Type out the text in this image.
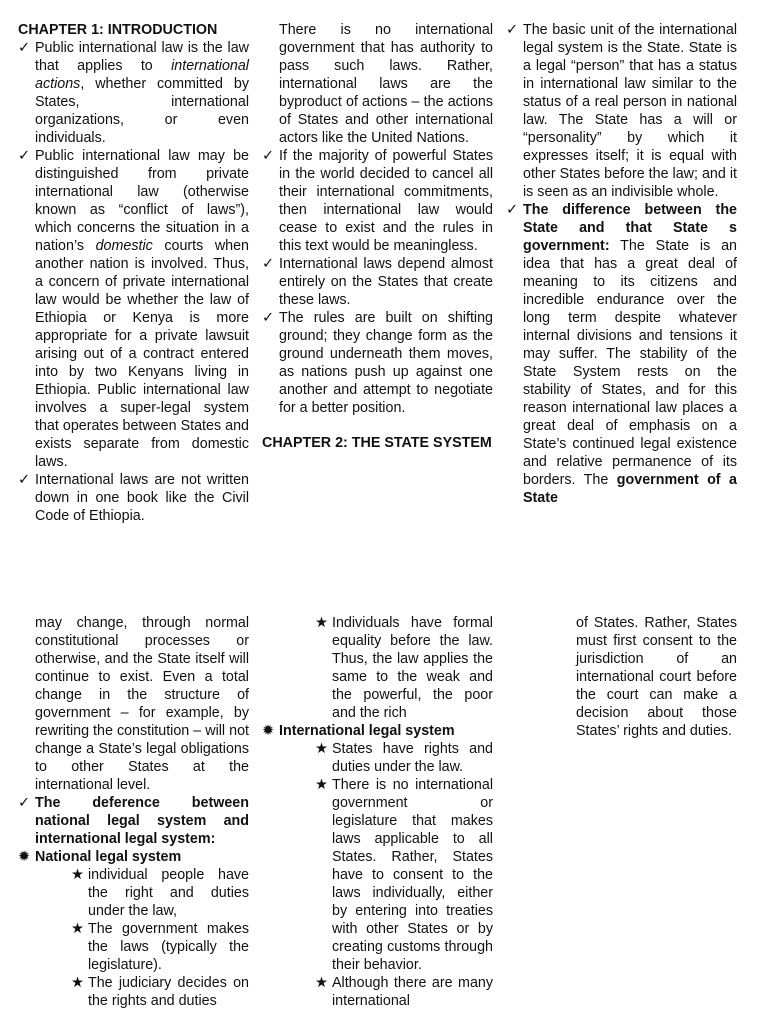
CHAPTER 1: INTRODUCTION

✓ Public international law is the law that applies to international actions, whether committed by States, international organizations, or even individuals.
✓ Public international law may be distinguished from private international law (otherwise known as “conflict of laws”), which concerns the situation in a nation’s domestic courts when another nation is involved. Thus, a concern of private international law would be whether the law of Ethiopia or Kenya is more appropriate for a private lawsuit arising out of a contract entered into by two Kenyans living in Ethiopia. Public international law involves a super-legal system that operates between States and exists separate from domestic laws.
✓ International laws are not written down in one book like the Civil Code of Ethiopia.

There is no international government that has authority to pass such laws. Rather, international laws are the byproduct of actions – the actions of States and other international actors like the United Nations.

✓ If the majority of powerful States in the world decided to cancel all their international commitments, then international law would cease to exist and the rules in this text would be meaningless.
✓ International laws depend almost entirely on the States that create these laws.
✓ The rules are built on shifting ground; they change form as the ground underneath them moves, as nations push up against one another and attempt to negotiate for a better position.

CHAPTER 2: THE STATE SYSTEM

✓ The basic unit of the international legal system is the State. State is a legal “person” that has a status in international law similar to the status of a real person in national law. The State has a will or “personality” by which it expresses itself; it is equal with other States before the law; and it is seen as an indivisible whole.
✓ The difference between the State and that State s government: The State is an idea that has a great deal of meaning to its citizens and incredible endurance over the long term despite whatever internal divisions and tensions it may suffer. The stability of the State System rests on the stability of States, and for this reason international law places a great deal of emphasis on a State’s continued legal existence and relative permanence of its borders. The government of a State

may change, through normal constitutional processes or otherwise, and the State itself will continue to exist. Even a total change in the structure of government – for example, by rewriting the constitution – will not change a State’s legal obligations to other States at the international level.

✓ The deference between national legal system and international legal system:
✹ National legal system
★ individual people have the right and duties under the law,
★ The government makes the laws (typically the legislature).
★ The judiciary decides on the rights and duties
★ Individuals have formal equality before the law. Thus, the law applies the same to the weak and the powerful, the poor and the rich
✹ International legal system
★ States have rights and duties under the law.
★ There is no international government or legislature that makes laws applicable to all States. Rather, States have to consent to the laws individually, either by entering into treaties with other States or by creating customs through their behavior.
★ Although there are many international

of States. Rather, States must first consent to the jurisdiction of an international court before the court can make a decision about those States’ rights and duties.
